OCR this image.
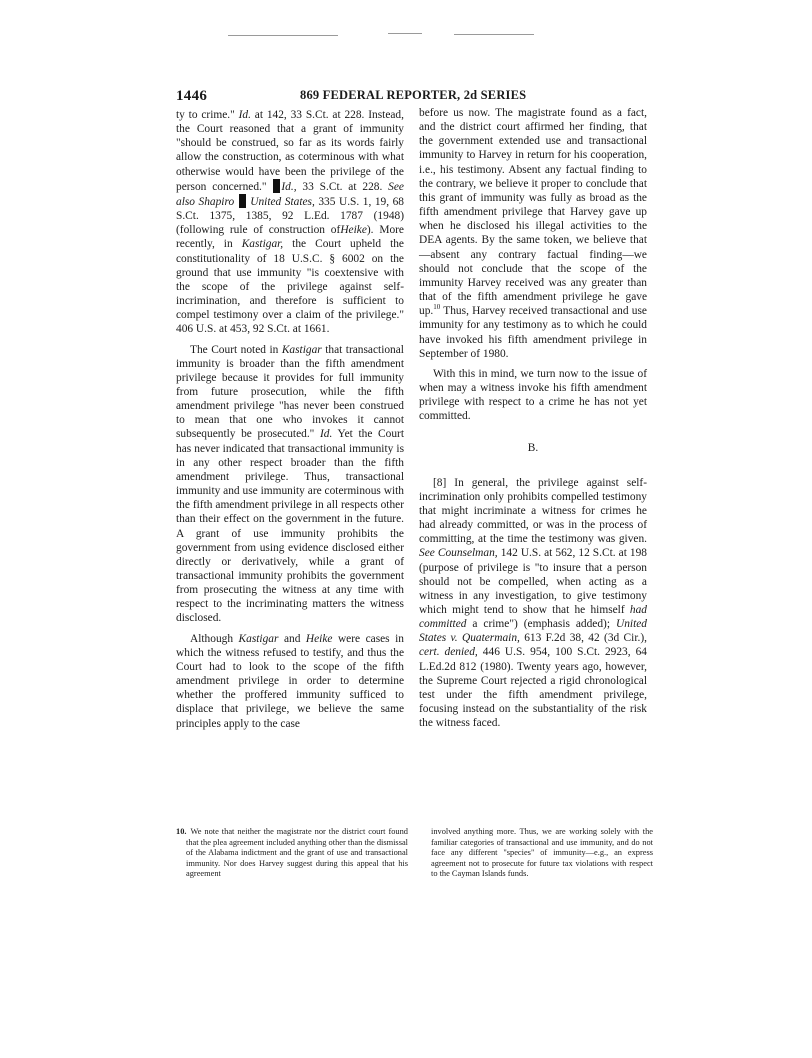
1446	869 FEDERAL REPORTER, 2d SERIES

ty to crime." Id. at 142, 33 S.Ct. at 228. Instead, the Court reasoned that a grant of immunity "should be construed, so far as its words fairly allow the construction, as coterminous with what otherwise would have been the privilege of the person concerned." Id., 33 S.Ct. at 228. See also Shapiro United States, 335 U.S. 1, 19, 68 S.Ct. 1375, 1385, 92 L.Ed. 1787 (1948) (following rule of construction ofHeike). More recently, in Kastigar, the Court upheld the constitutionality of 18 U.S.C. § 6002 on the ground that use immunity "is coextensive with the scope of the privilege against self-incrimination, and therefore is sufficient to compel testimony over a claim of the privilege." 406 U.S. at 453, 92 S.Ct. at 1661.

The Court noted in Kastigar that transactional immunity is broader than the fifth amendment privilege because it provides for full immunity from future prosecution, while the fifth amendment privilege "has never been construed to mean that one who invokes it cannot subsequently be prosecuted." Id. Yet the Court has never indicated that transactional immunity is in any other respect broader than the fifth amendment privilege. Thus, transactional immunity and use immunity are coterminous with the fifth amendment privilege in all respects other than their effect on the government in the future. A grant of use immunity prohibits the government from using evidence disclosed either directly or derivatively, while a grant of transactional immunity prohibits the government from prosecuting the witness at any time with respect to the incriminating matters the witness disclosed.

Although Kastigar and Heike were cases in which the witness refused to testify, and thus the Court had to look to the scope of the fifth amendment privilege in order to determine whether the proffered immunity sufficed to displace that privilege, we believe the same principles apply to the case

before us now. The magistrate found as a fact, and the district court affirmed her finding, that the government extended use and transactional immunity to Harvey in return for his cooperation, i.e., his testimony. Absent any factual finding to the contrary, we believe it proper to conclude that this grant of immunity was fully as broad as the fifth amendment privilege that Harvey gave up when he disclosed his illegal activities to the DEA agents. By the same token, we believe that—absent any contrary factual finding—we should not conclude that the scope of the immunity Harvey received was any greater than that of the fifth amendment privilege he gave up.$^{10}$ Thus, Harvey received transactional and use immunity for any testimony as to which he could have invoked his fifth amendment privilege in September of 1980.

With this in mind, we turn now to the issue of when may a witness invoke his fifth amendment privilege with respect to a crime he has not yet committed.

B.

[8] In general, the privilege against self-incrimination only prohibits compelled testimony that might incriminate a witness for crimes he had already committed, or was in the process of committing, at the time the testimony was given. See Counselman, 142 U.S. at 562, 12 S.Ct. at 198 (purpose of privilege is "to insure that a person should not be compelled, when acting as a witness in any investigation, to give testimony which might tend to show that he himself had committed a crime") (emphasis added); United States v. Quatermain, 613 F.2d 38, 42 (3d Cir.), cert. denied, 446 U.S. 954, 100 S.Ct. 2923, 64 L.Ed.2d 812 (1980). Twenty years ago, however, the Supreme Court rejected a rigid chronological test under the fifth amendment privilege, focusing instead on the substantiality of the risk the witness faced.

10. We note that neither the magistrate nor the district court found that the plea agreement included anything other than the dismissal of the Alabama indictment and the grant of use and transactional immunity. Nor does Harvey suggest during this appeal that his agreement
involved anything more. Thus, we are working solely with the familiar categories of transactional and use immunity, and do not face any different "species" of immunity—e.g., an express agreement not to prosecute for future tax violations with respect to the Cayman Islands funds.
